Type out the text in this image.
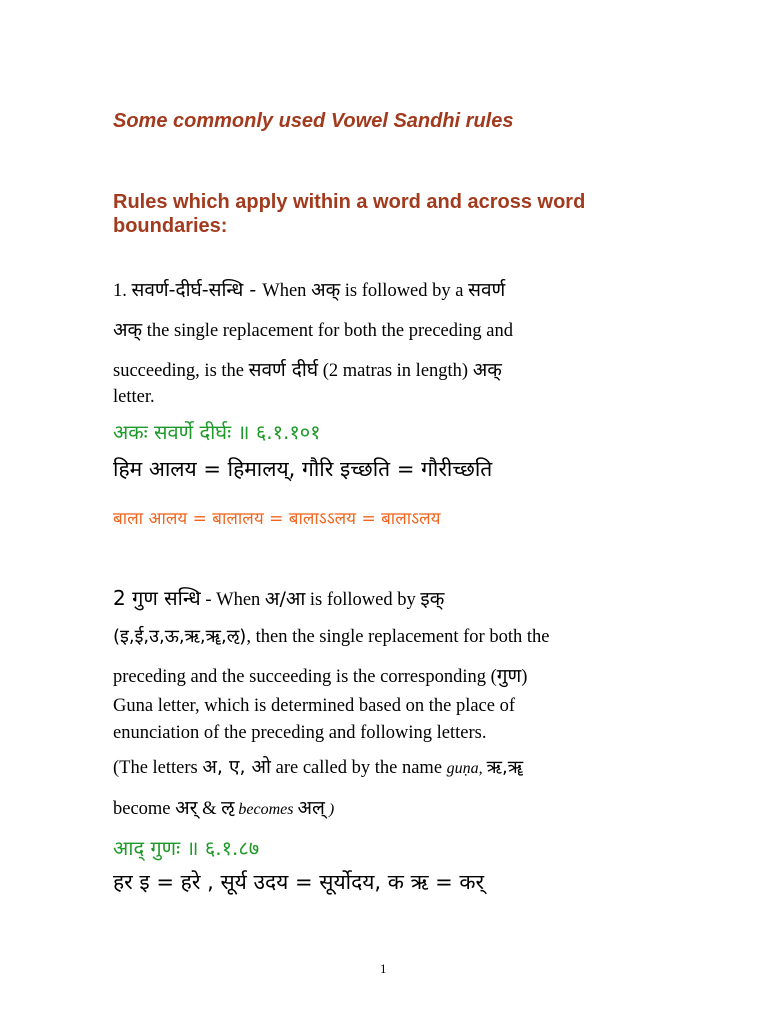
Some commonly used Vowel Sandhi rules
Rules which apply within a word and across word
boundaries:
1. सवर्ण-दीर्घ-सन्धि - When अक् is followed by a सवर्ण
अक् the single replacement for both the preceding and
succeeding, is the सवर्ण दीर्घ (2 matras in length) अक्
letter.
अकः सवर्णे दीर्घः ॥ ६.१.१०१
हिम आलय = हिमालय्, गौरि इच्छति = गौरीच्छति
बाला आलय = बालालय = बालाऽऽलय = बालाऽलय
2 गुण सन्धि - When अ/आ is followed by इक्
(इ,ई,उ,ऊ,ऋ,ॠ,ऌ), then the single replacement for both the
preceding and the succeeding is the corresponding (गुण)
Guna letter, which is determined based on the place of
enunciation of the preceding and following letters.
(The letters अ, ए, ओ are called by the name guṇa, ऋ,ॠ
become अर् & ऌ becomes अल् )
आद् गुणः ॥ ६.१.८७
हर इ = हरे , सूर्य उदय = सूर्योदय, क ऋ = कर्
1
